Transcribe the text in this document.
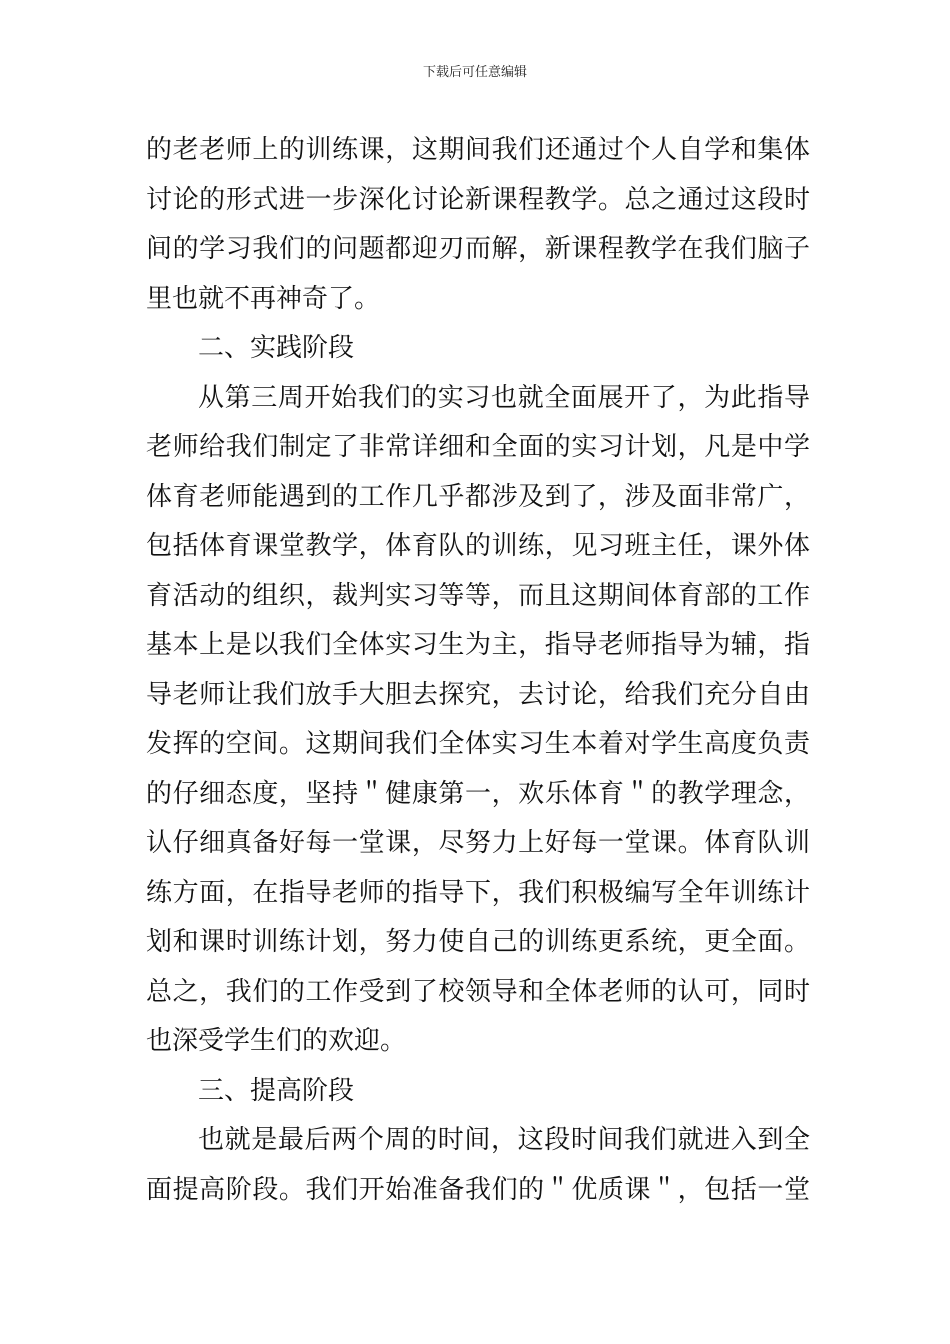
下载后可任意编辑
的老老师上的训练课，这期间我们还通过个人自学和集体
讨论的形式进一步深化讨论新课程教学。总之通过这段时
间的学习我们的问题都迎刃而解，新课程教学在我们脑子
里也就不再神奇了。
二、实践阶段
从第三周开始我们的实习也就全面展开了，为此指导
老师给我们制定了非常详细和全面的实习计划，凡是中学
体育老师能遇到的工作几乎都涉及到了，涉及面非常广，
包括体育课堂教学，体育队的训练，见习班主任，课外体
育活动的组织，裁判实习等等，而且这期间体育部的工作
基本上是以我们全体实习生为主，指导老师指导为辅，指
导老师让我们放手大胆去探究，去讨论，给我们充分自由
发挥的空间。这期间我们全体实习生本着对学生高度负责
的仔细态度，坚持＂健康第一，欢乐体育＂的教学理念，
认仔细真备好每一堂课，尽努力上好每一堂课。体育队训
练方面，在指导老师的指导下，我们积极编写全年训练计
划和课时训练计划，努力使自己的训练更系统，更全面。
总之，我们的工作受到了校领导和全体老师的认可，同时
也深受学生们的欢迎。
三、提高阶段
也就是最后两个周的时间，这段时间我们就进入到全
面提高阶段。我们开始准备我们的＂优质课＂，包括一堂
